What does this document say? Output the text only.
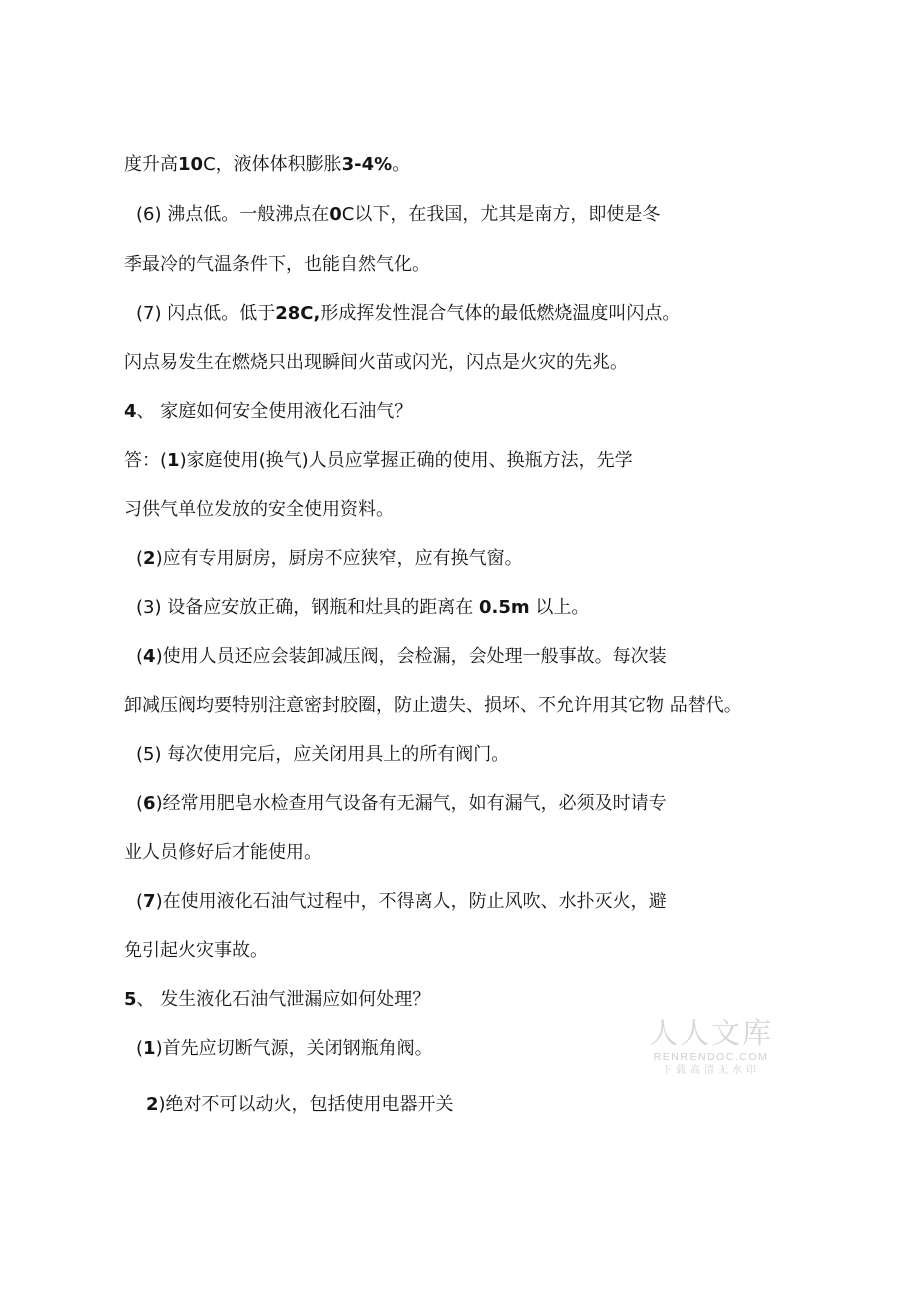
度升高10C，液体体积膨胀3-4%。
(6) 沸点低。一般沸点在0C以下，在我国，尤其是南方，即使是冬
季最冷的气温条件下，也能自然气化。
(7) 闪点低。低于28C,形成挥发性混合气体的最低燃烧温度叫闪点。
闪点易发生在燃烧只出现瞬间火苗或闪光，闪点是火灾的先兆。
4、 家庭如何安全使用液化石油气？
答：(1)家庭使用(换气)人员应掌握正确的使用、换瓶方法，先学
习供气单位发放的安全使用资料。
(2)应有专用厨房，厨房不应狭窄，应有换气窗。
(3) 设备应安放正确，钢瓶和灶具的距离在 0.5m 以上。
(4)使用人员还应会装卸减压阀，会检漏，会处理一般事故。每次装
卸减压阀均要特别注意密封胶圈，防止遗失、损坏、不允许用其它物 品替代。
(5) 每次使用完后，应关闭用具上的所有阀门。
(6)经常用肥皂水检查用气设备有无漏气，如有漏气，必须及时请专
业人员修好后才能使用。
(7)在使用液化石油气过程中，不得离人，防止风吹、水扑灭火，避
免引起火灾事故。
5、 发生液化石油气泄漏应如何处理？
(1)首先应切断气源，关闭钢瓶角阀。
2)绝对不可以动火，包括使用电器开关
人人文库
RENRENDOC.COM
下载高清无水印
